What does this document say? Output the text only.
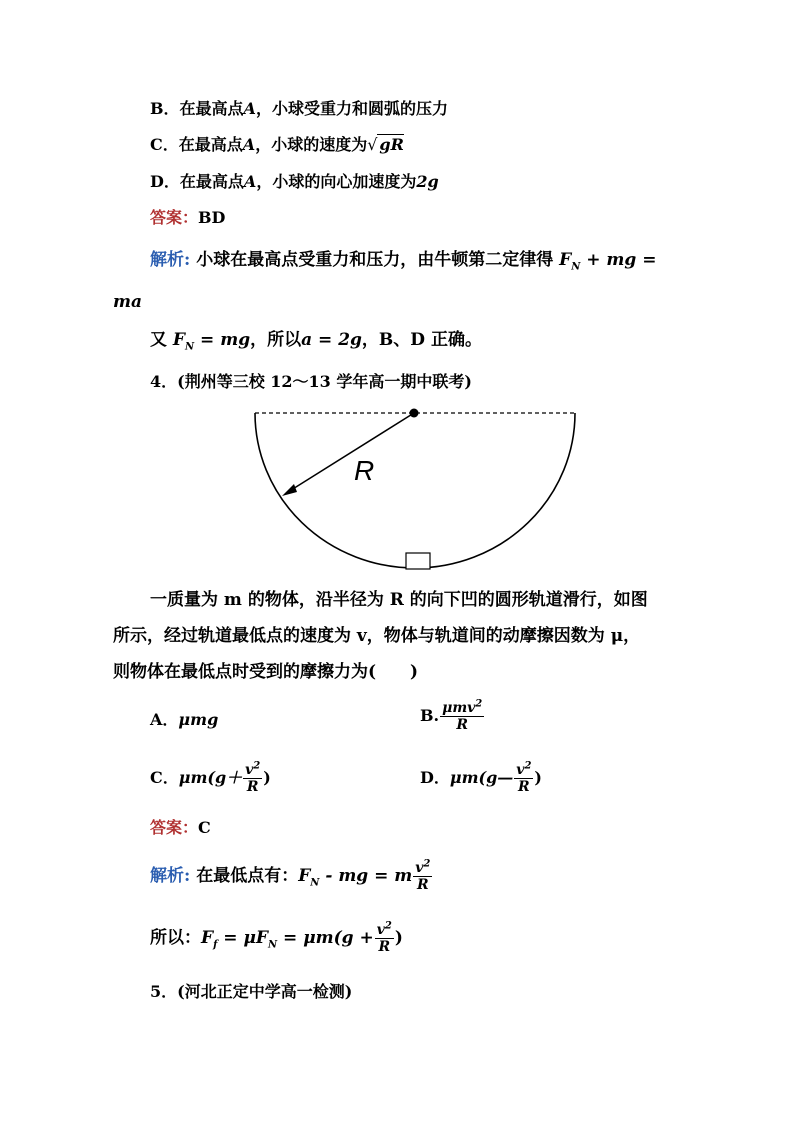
B．在最高点A，小球受重力和圆弧的压力
C．在最高点A，小球的速度为√ gR
D．在最高点A，小球的向心加速度为2g
答案：BD
解析: 小球在最高点受重力和压力，由牛顿第二定律得 $F_N$ + mg =
ma
又 $F_N$ = mg，所以a = 2g，B、D 正确。
4．(荆州等三校 12～13 学年高一期中联考)
R
一质量为 m 的物体，沿半径为 R 的向下凹的圆形轨道滑行，如图
所示，经过轨道最低点的速度为 v，物体与轨道间的动摩擦因数为 μ，
则物体在最低点时受到的摩擦力为(　　)
A．μmg	B. $\frac{\mu mv^2}{R}$
C．$\mu m(g+ \frac{v^2}{R}$ )	D．μm(g— $\frac{v^2}{R}$ )
答案：C
解析: 在最低点有：$F_N$ - mg = m $\frac{v^2}{R}$
所以：$F_f = \mu F_N = \mu m(g + \frac{v^2}{R}$ )
5．(河北正定中学高一检测)
